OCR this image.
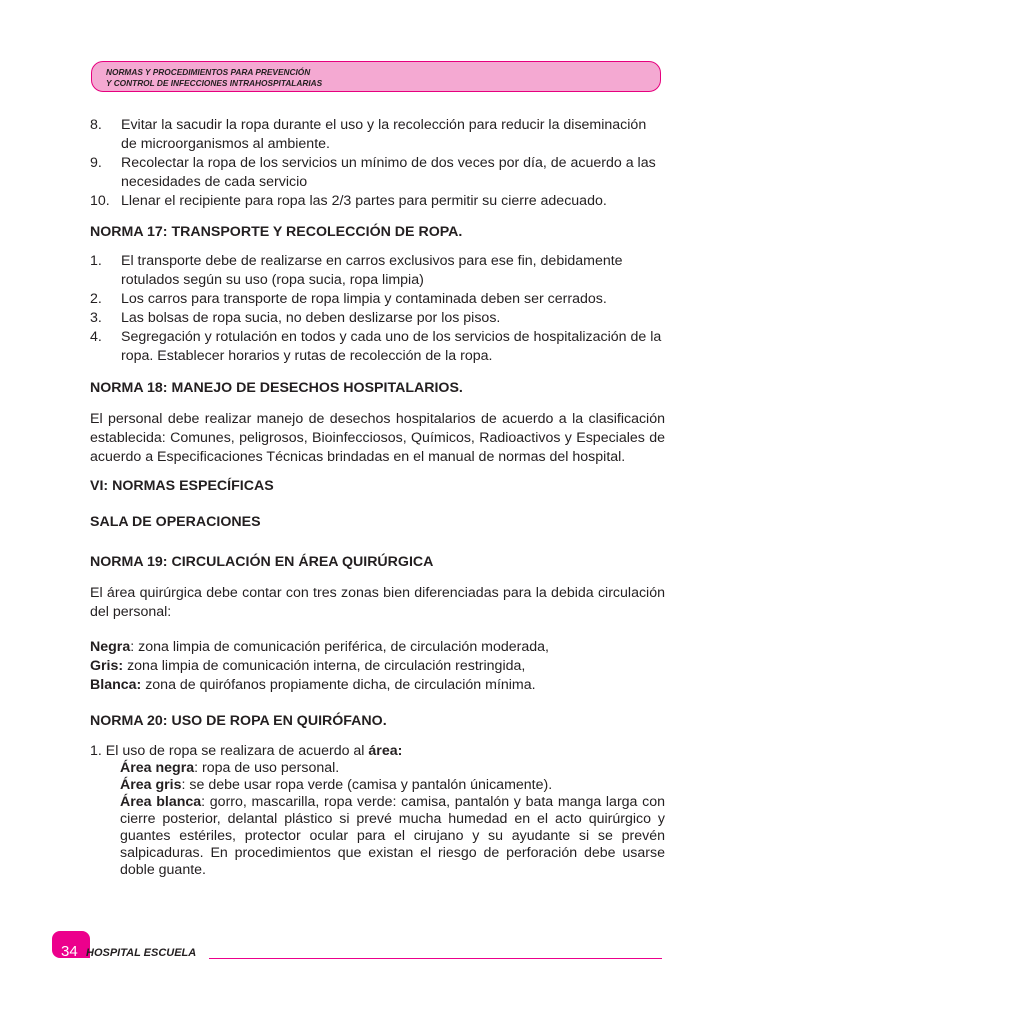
NORMAS Y PROCEDIMIENTOS PARA PREVENCIÓN
Y CONTROL DE INFECCIONES INTRAHOSPITALARIAS
8.	Evitar la sacudir la ropa durante el uso y la recolección para reducir la diseminación de microorganismos al ambiente.
9.	Recolectar la ropa de los servicios un mínimo de dos veces por día, de acuerdo a las necesidades de cada servicio
10. Llenar el recipiente para ropa las 2/3 partes para permitir su cierre adecuado.
NORMA 17: TRANSPORTE Y RECOLECCIÓN DE ROPA.
1.	El transporte debe de realizarse en carros exclusivos para ese fin, debidamente rotulados según su uso (ropa sucia, ropa limpia)
2.	Los carros para transporte de ropa limpia y contaminada deben ser cerrados.
3.	Las bolsas de ropa sucia, no deben deslizarse por los pisos.
4.	Segregación y rotulación en todos y cada uno de los servicios de hospitalización de la ropa. Establecer horarios y rutas de recolección de la ropa.
NORMA 18: MANEJO DE DESECHOS HOSPITALARIOS.
El personal debe realizar manejo de desechos hospitalarios de acuerdo a la clasificación establecida: Comunes, peligrosos, Bioinfecciosos, Químicos, Radioactivos y Especiales de acuerdo a Especificaciones Técnicas brindadas en el manual de normas del hospital.
VI: NORMAS ESPECÍFICAS
SALA DE OPERACIONES
NORMA 19: CIRCULACIÓN EN ÁREA QUIRÚRGICA
El área quirúrgica debe contar con tres zonas bien diferenciadas para la debida circulación del personal:
Negra: zona limpia de comunicación periférica, de circulación moderada,
Gris: zona limpia de comunicación interna, de circulación restringida,
Blanca: zona de quirófanos propiamente dicha, de circulación mínima.
NORMA 20: USO DE ROPA EN QUIRÓFANO.
1. El uso de ropa se realizara de acuerdo al área:
Área negra: ropa de uso personal.
Área gris: se debe usar ropa verde (camisa y pantalón únicamente).
Área blanca: gorro, mascarilla, ropa verde: camisa, pantalón y bata manga larga con cierre posterior, delantal plástico si prevé mucha humedad en el acto quirúrgico y guantes estériles, protector ocular para el cirujano y su ayudante si se prevén salpicaduras. En procedimientos que existan el riesgo de perforación debe usarse doble guante.
34 HOSPITAL ESCUELA
